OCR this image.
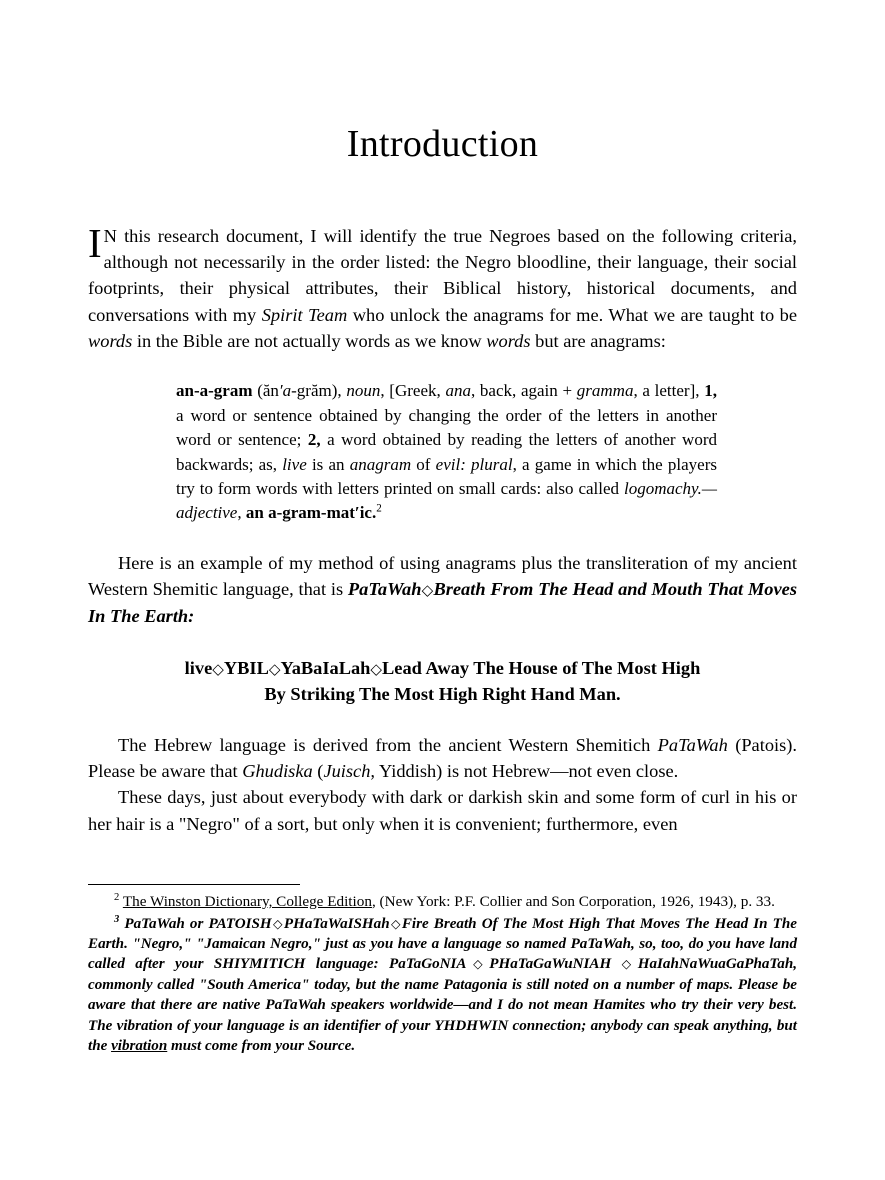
Introduction

I N this research document, I will identify the true Negroes based on the following criteria, although not necessarily in the order listed: the Negro bloodline, their language, their social footprints, their physical attributes, their Biblical history, historical documents, and conversations with my Spirit Team who unlock the anagrams for me. What we are taught to be words in the Bible are not actually words as we know words but are anagrams:

an-a-gram (ăn′a-grăm), noun, [Greek, ana, back, again + gramma, a letter], 1, a word or sentence obtained by changing the order of the letters in another word or sentence; 2, a word obtained by reading the letters of another word backwards; as, live is an anagram of evil: plural, a game in which the players try to form words with letters printed on small cards: also called logomachy.—adjective, an a-gram-mat′ic.$^2$

Here is an example of my method of using anagrams plus the transliteration of my ancient Western Shemitic language, that is PaTaWah◇Breath From The Head and Mouth That Moves In The Earth:

live◇YBIL◇YaBaIaLah◇Lead Away The House of The Most High
By Striking The Most High Right Hand Man.

The Hebrew language is derived from the ancient Western Shemitich PaTaWah (Patois). Please be aware that Ghudiska (Juisch, Yiddish) is not Hebrew—not even close.

These days, just about everybody with dark or darkish skin and some form of curl in his or her hair is a "Negro" of a sort, but only when it is convenient; furthermore, even

$^2$ The Winston Dictionary, College Edition, (New York: P.F. Collier and Son Corporation, 1926, 1943), p. 33.

$^3$ PaTaWah or PATOISH◇PHaTaWaISHah◇Fire Breath Of The Most High That Moves The Head In The Earth. "Negro," "Jamaican Negro," just as you have a language so named PaTaWah, so, too, do you have land called after your SHIYMITICH language: PaTaGoNIA◇PHaTaGaWuNIAH ◇HaIahNaWuaGaPhaTah, commonly called "South America" today, but the name Patagonia is still noted on a number of maps. Please be aware that there are native PaTaWah speakers worldwide—and I do not mean Hamites who try their very best. The vibration of your language is an identifier of your YHDHWIN connection; anybody can speak anything, but the vibration must come from your Source.
